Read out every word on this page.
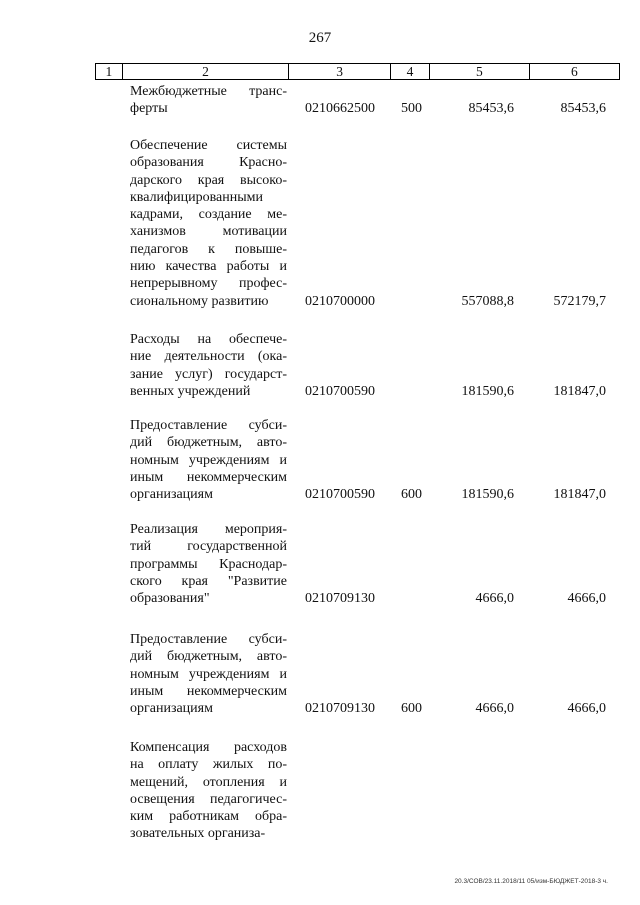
267
1	2	3	4	5	6
Межбюджетные транс-
ферты	0210662500 500	85453,6	85453,6
Обеспечение системы
образования Красно-
дарского края высоко-
квалифицированными
кадрами, создание ме-
ханизмов мотивации
педагогов к повыше-
нию качества работы и
непрерывному профес-
сиональному развитию	0210700000	557088,8	572179,7
Расходы на обеспече-
ние деятельности (ока-
зание услуг) государст-
венных учреждений	0210700590	181590,6	181847,0
Предоставление субси-
дий бюджетным, авто-
номным учреждениям и
иным некоммерческим
организациям	0210700590 600	181590,6	181847,0
Реализация мероприя-
тий государственной
программы Краснодар-
ского края "Развитие
образования"	0210709130	4666,0	4666,0
Предоставление субси-
дий бюджетным, авто-
номным учреждениям и
иным некоммерческим
организациям	0210709130 600	4666,0	4666,0
Компенсация расходов
на оплату жилых по-
мещений, отопления и
освещения педагогичес-
ким работникам обра-
зовательных организа-
20.3/СОВ/23.11.2018/11 05/изм-БЮДЖЕТ-2018-3 ч.
